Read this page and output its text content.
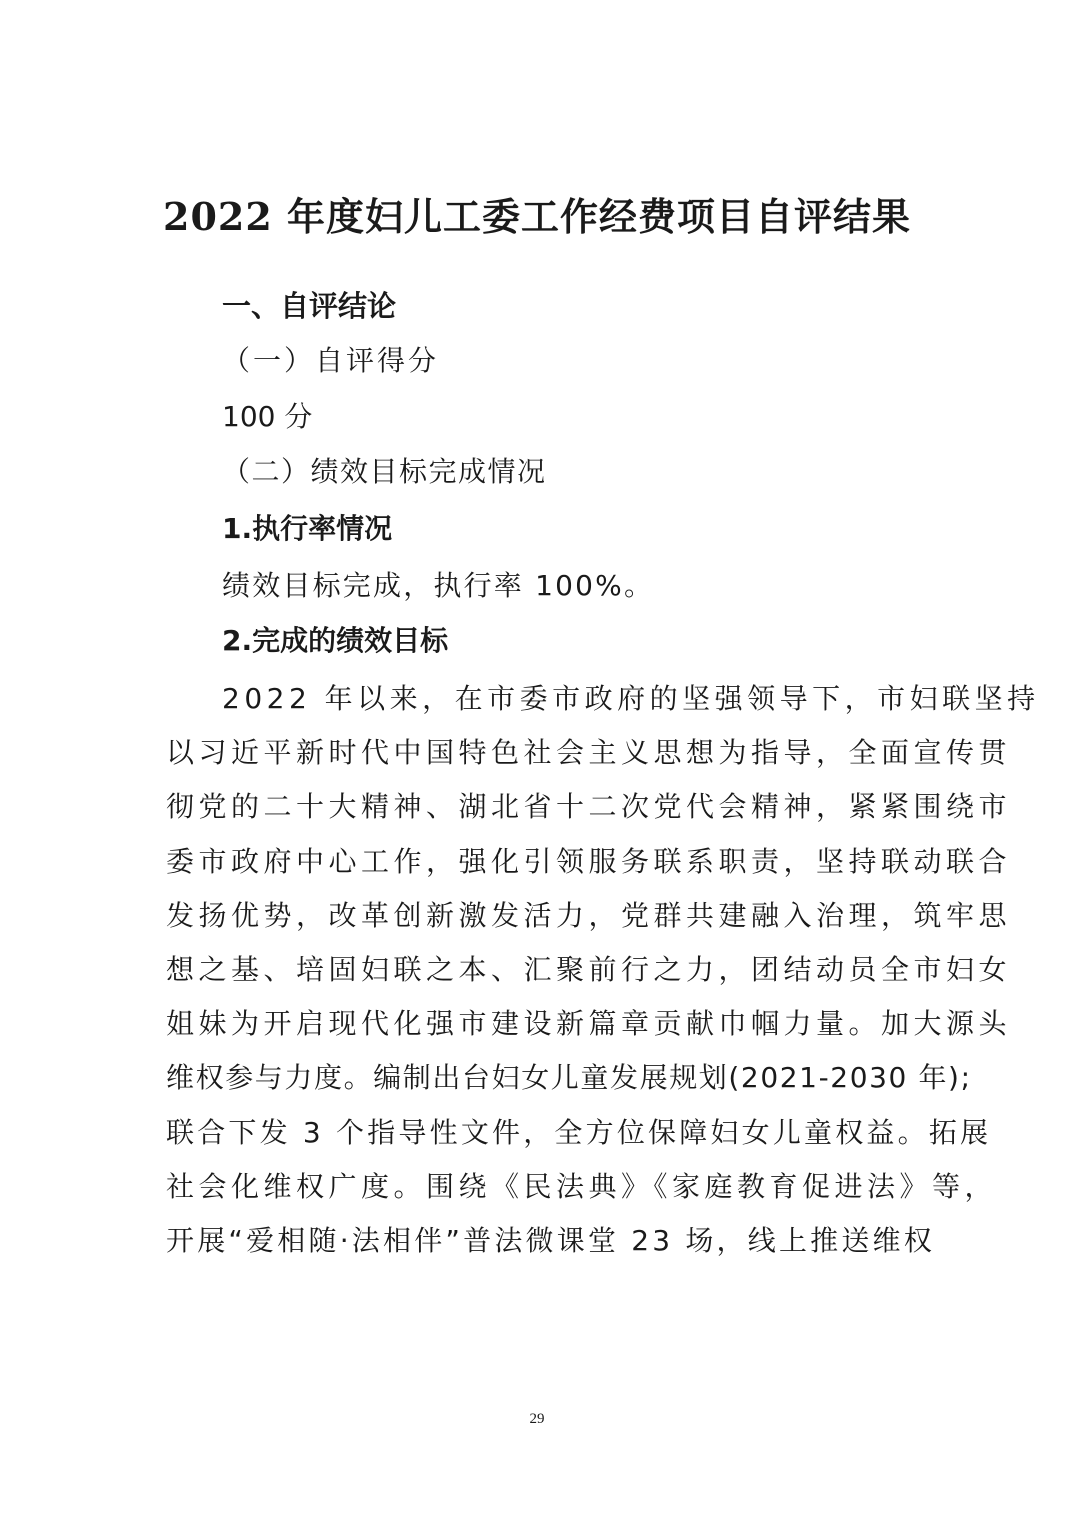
2022 年度妇儿工委工作经费项目自评结果
一、自评结论
（一）自评得分
100 分
（二）绩效目标完成情况
1.执行率情况
绩效目标完成，执行率 100%。
2.完成的绩效目标
2022 年以来，在市委市政府的坚强领导下，市妇联坚持
以习近平新时代中国特色社会主义思想为指导，全面宣传贯
彻党的二十大精神、湖北省十二次党代会精神，紧紧围绕市
委市政府中心工作，强化引领服务联系职责，坚持联动联合
发扬优势，改革创新激发活力，党群共建融入治理，筑牢思
想之基、培固妇联之本、汇聚前行之力，团结动员全市妇女
姐妹为开启现代化强市建设新篇章贡献巾帼力量。加大源头
维权参与力度。编制出台妇女儿童发展规划(2021-2030 年);
联合下发 3 个指导性文件，全方位保障妇女儿童权益。拓展
社会化维权广度。围绕《民法典》《家庭教育促进法》等，
开展“爱相随·法相伴”普法微课堂 23 场，线上推送维权
29
